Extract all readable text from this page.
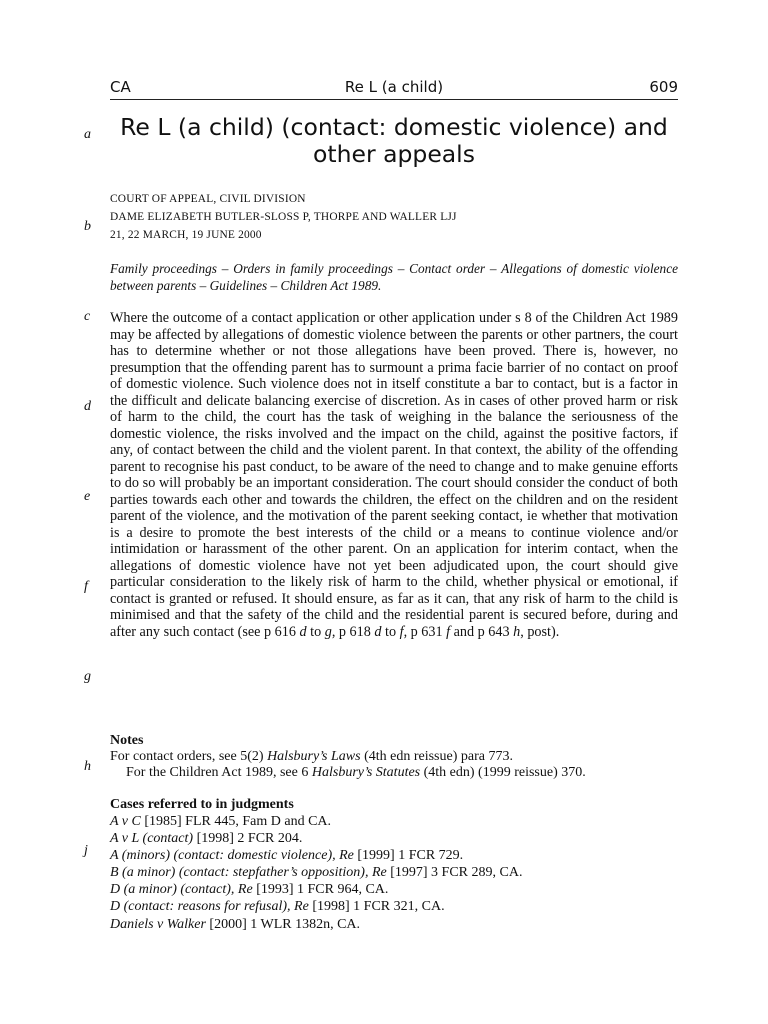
CA	Re L (a child)	609
a
b
c
d
e
f
g
h
j
Re L (a child) (contact: domestic violence) and other appeals
COURT OF APPEAL, CIVIL DIVISION
DAME ELIZABETH BUTLER-SLOSS P, THORPE AND WALLER LJJ
21, 22 MARCH, 19 JUNE 2000
Family proceedings – Orders in family proceedings – Contact order – Allegations of domestic violence between parents – Guidelines – Children Act 1989.

Where the outcome of a contact application or other application under s 8 of the Children Act 1989 may be affected by allegations of domestic violence between the parents or other partners, the court has to determine whether or not those allegations have been proved. There is, however, no presumption that the offending parent has to surmount a prima facie barrier of no contact on proof of domestic violence. Such violence does not in itself constitute a bar to contact, but is a factor in the difficult and delicate balancing exercise of discretion. As in cases of other proved harm or risk of harm to the child, the court has the task of weighing in the balance the seriousness of the domestic violence, the risks involved and the impact on the child, against the positive factors, if any, of contact between the child and the violent parent. In that context, the ability of the offending parent to recognise his past conduct, to be aware of the need to change and to make genuine efforts to do so will probably be an important consideration. The court should consider the conduct of both parties towards each other and towards the children, the effect on the children and on the resident parent of the violence, and the motivation of the parent seeking contact, ie whether that motivation is a desire to promote the best interests of the child or a means to continue violence and/or intimidation or harassment of the other parent. On an application for interim contact, when the allegations of domestic violence have not yet been adjudicated upon, the court should give particular consideration to the likely risk of harm to the child, whether physical or emotional, if contact is granted or refused. It should ensure, as far as it can, that any risk of harm to the child is minimised and that the safety of the child and the residential parent is secured before, during and after any such contact (see p 616 d to g, p 618 d to f, p 631 f and p 643 h, post).

Notes
For contact orders, see 5(2) Halsbury’s Laws (4th edn reissue) para 773.
For the Children Act 1989, see 6 Halsbury’s Statutes (4th edn) (1999 reissue) 370.
Cases referred to in judgments
A v C [1985] FLR 445, Fam D and CA.
A v L (contact) [1998] 2 FCR 204.
A (minors) (contact: domestic violence), Re [1999] 1 FCR 729.
B (a minor) (contact: stepfather’s opposition), Re [1997] 3 FCR 289, CA.
D (a minor) (contact), Re [1993] 1 FCR 964, CA.
D (contact: reasons for refusal), Re [1998] 1 FCR 321, CA.
Daniels v Walker [2000] 1 WLR 1382n, CA.
